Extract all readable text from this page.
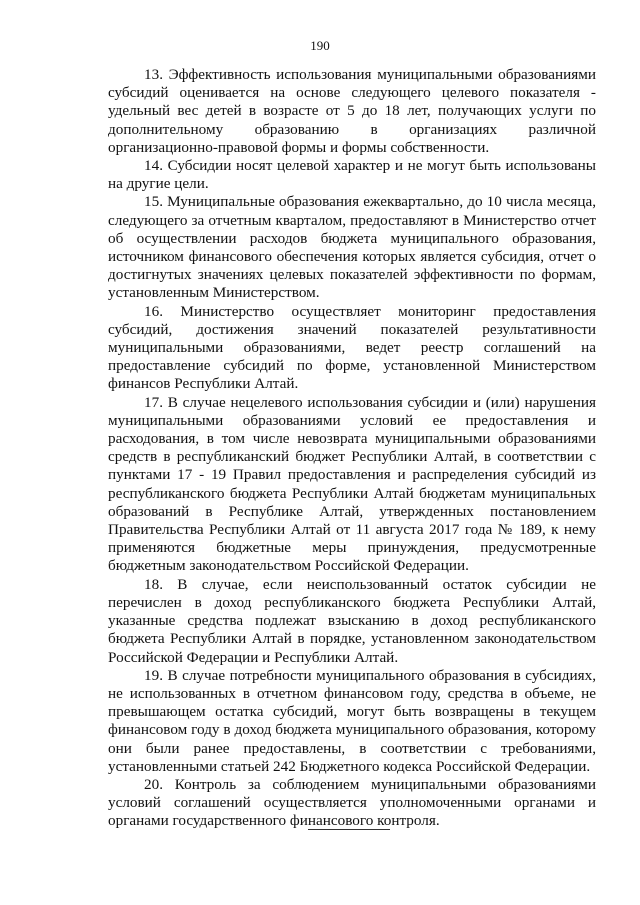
190

13. Эффективность использования муниципальными образованиями субсидий оценивается на основе следующего целевого показателя - удельный вес детей в возрасте от 5 до 18 лет, получающих услуги по дополнительному образованию в организациях различной организационно-правовой формы и формы собственности.

14. Субсидии носят целевой характер и не могут быть использованы на другие цели.

15. Муниципальные образования ежеквартально, до 10 числа месяца, следующего за отчетным кварталом, предоставляют в Министерство отчет об осуществлении расходов бюджета муниципального образования, источником финансового обеспечения которых является субсидия, отчет о достигнутых значениях целевых показателей эффективности по формам, установленным Министерством.

16. Министерство осуществляет мониторинг предоставления субсидий, достижения значений показателей результативности муниципальными образованиями, ведет реестр соглашений на предоставление субсидий по форме, установленной Министерством финансов Республики Алтай.

17. В случае нецелевого использования субсидии и (или) нарушения муниципальными образованиями условий ее предоставления и расходования, в том числе невозврата муниципальными образованиями средств в республиканский бюджет Республики Алтай, в соответствии с пунктами 17 - 19 Правил предоставления и распределения субсидий из республиканского бюджета Республики Алтай бюджетам муниципальных образований в Республике Алтай, утвержденных постановлением Правительства Республики Алтай от 11 августа 2017 года № 189, к нему применяются бюджетные меры принуждения, предусмотренные бюджетным законодательством Российской Федерации.

18. В случае, если неиспользованный остаток субсидии не перечислен в доход республиканского бюджета Республики Алтай, указанные средства подлежат взысканию в доход республиканского бюджета Республики Алтай в порядке, установленном законодательством Российской Федерации и Республики Алтай.

19. В случае потребности муниципального образования в субсидиях, не использованных в отчетном финансовом году, средства в объеме, не превышающем остатка субсидий, могут быть возвращены в текущем финансовом году в доход бюджета муниципального образования, которому они были ранее предоставлены, в соответствии с требованиями, установленными статьей 242 Бюджетного кодекса Российской Федерации.

20. Контроль за соблюдением муниципальными образованиями условий соглашений осуществляется уполномоченными органами и органами государственного финансового контроля.
